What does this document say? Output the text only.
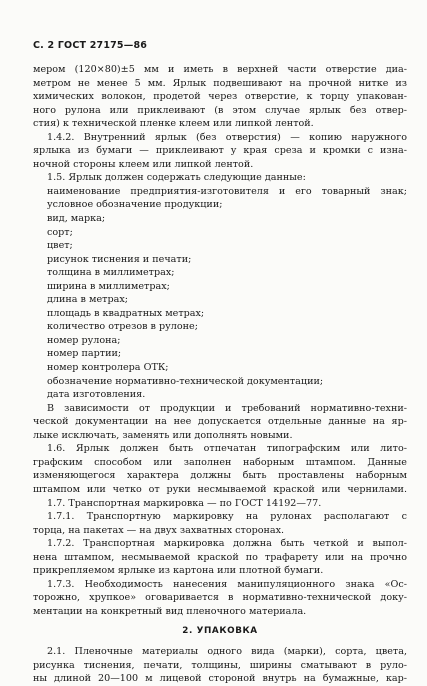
С. 2 ГОСТ 27175—86
мером (120×80)±5 мм и иметь в верхней части отверстие диа-
метром не менее 5 мм. Ярлык подвешивают на прочной нитке из
химических волокон, продетой через отверстие, к торцу упакован-
ного рулона или приклеивают (в этом случае ярлык без отвер-
стия) к технической пленке клеем или липкой лентой.
1.4.2. Внутренний ярлык (без отверстия) — копию наружного
ярлыка из бумаги — приклеивают у края среза и кромки с изна-
ночной стороны клеем или липкой лентой.
1.5. Ярлык должен содержать следующие данные:
наименование предприятия-изготовителя и его товарный знак;
условное обозначение продукции;
вид, марка;
сорт;
цвет;
рисунок тиснения и печати;
толщина в миллиметрах;
ширина в миллиметрах;
длина в метрах;
площадь в квадратных метрах;
количество отрезов в рулоне;
номер рулона;
номер партии;
номер контролера ОТК;
обозначение нормативно-технической документации;
дата изготовления.
В зависимости от продукции и требований нормативно-техни-
ческой документации на нее допускается отдельные данные на яр-
лыке исключать, заменять или дополнять новыми.
1.6. Ярлык должен быть отпечатан типографским или лито-
графским способом или заполнен наборным штампом. Данные
изменяющегося характера должны быть проставлены наборным
штампом или четко от руки несмываемой краской или чернилами.
1.7. Транспортная маркировка — по ГОСТ 14192—77.
1.7.1. Транспортную маркировку на рулонах располагают с
торца, на пакетах — на двух захватных сторонах.
1.7.2. Транспортная маркировка должна быть четкой и выпол-
нена штампом, несмываемой краской по трафарету или на прочно
прикрепляемом ярлыке из картона или плотной бумаги.
1.7.3. Необходимость нанесения манипуляционного знака «Ос-
торожно, хрупкое» оговаривается в нормативно-технической доку-
ментации на конкретный вид пленочного материала.
2. УПАКОВКА
2.1. Пленочные материалы одного вида (марки), сорта, цвета,
рисунка тиснения, печати, толщины, ширины сматывают в руло-
ны длиной 20—100 м лицевой стороной внутрь на бумажные, кар-
